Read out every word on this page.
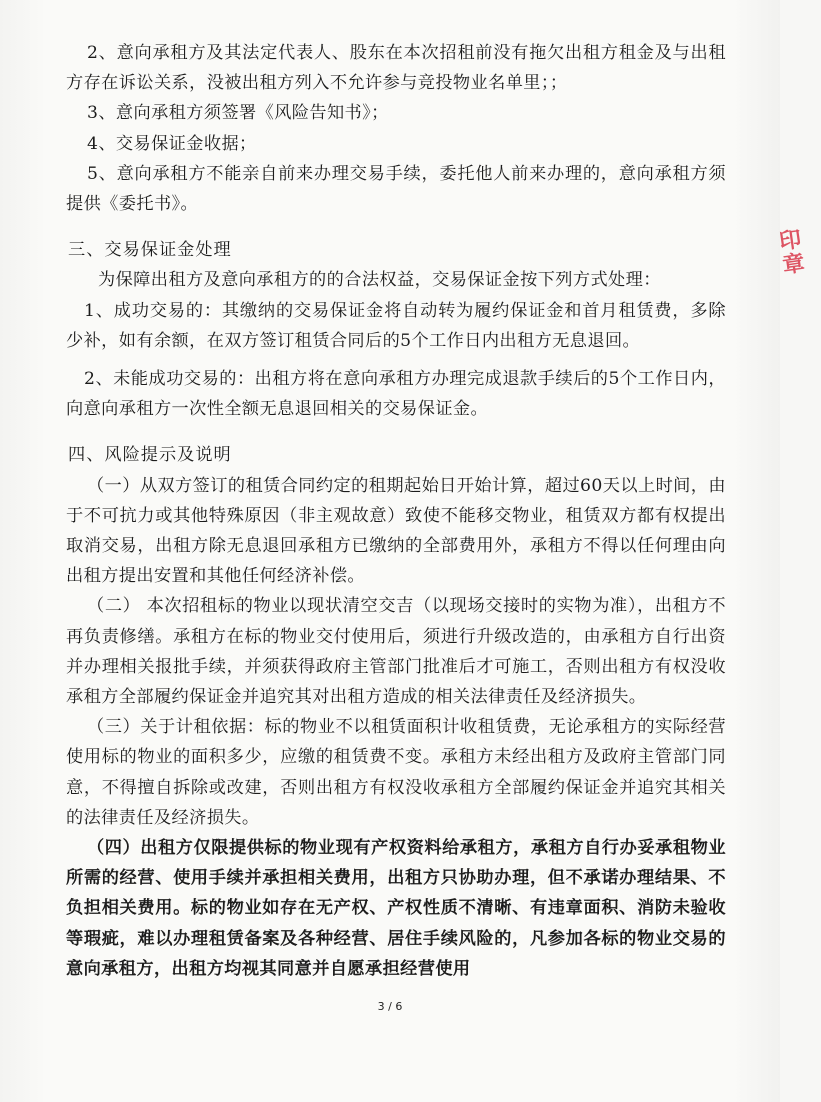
2、意向承租方及其法定代表人、股东在本次招租前没有拖欠出租方租金及与出租方存在诉讼关系，没被出租方列入不允许参与竞投物业名单里；；

3、意向承租方须签署《风险告知书》；

4、交易保证金收据；

5、意向承租方不能亲自前来办理交易手续，委托他人前来办理的，意向承租方须提供《委托书》。

三、交易保证金处理

为保障出租方及意向承租方的的合法权益，交易保证金按下列方式处理：

1、成功交易的：其缴纳的交易保证金将自动转为履约保证金和首月租赁费，多除少补，如有余额，在双方签订租赁合同后的5个工作日内出租方无息退回。

2、未能成功交易的：出租方将在意向承租方办理完成退款手续后的5个工作日内，向意向承租方一次性全额无息退回相关的交易保证金。

四、风险提示及说明

（一）从双方签订的租赁合同约定的租期起始日开始计算，超过60天以上时间，由于不可抗力或其他特殊原因（非主观故意）致使不能移交物业，租赁双方都有权提出取消交易，出租方除无息退回承租方已缴纳的全部费用外，承租方不得以任何理由向出租方提出安置和其他任何经济补偿。

（二） 本次招租标的物业以现状清空交吉（以现场交接时的实物为准），出租方不再负责修缮。承租方在标的物业交付使用后，须进行升级改造的，由承租方自行出资并办理相关报批手续，并须获得政府主管部门批准后才可施工，否则出租方有权没收承租方全部履约保证金并追究其对出租方造成的相关法律责任及经济损失。

（三）关于计租依据：标的物业不以租赁面积计收租赁费，无论承租方的实际经营使用标的物业的面积多少，应缴的租赁费不变。承租方未经出租方及政府主管部门同意，不得擅自拆除或改建，否则出租方有权没收承租方全部履约保证金并追究其相关的法律责任及经济损失。

（四）出租方仅限提供标的物业现有产权资料给承租方，承租方自行办妥承租物业所需的经营、使用手续并承担相关费用，出租方只协助办理，但不承诺办理结果、不负担相关费用。标的物业如存在无产权、产权性质不清晰、有违章面积、消防未验收等瑕疵，难以办理租赁备案及各种经营、居住手续风险的，凡参加各标的物业交易的意向承租方，出租方均视其同意并自愿承担经营使用

3 / 6
印章
